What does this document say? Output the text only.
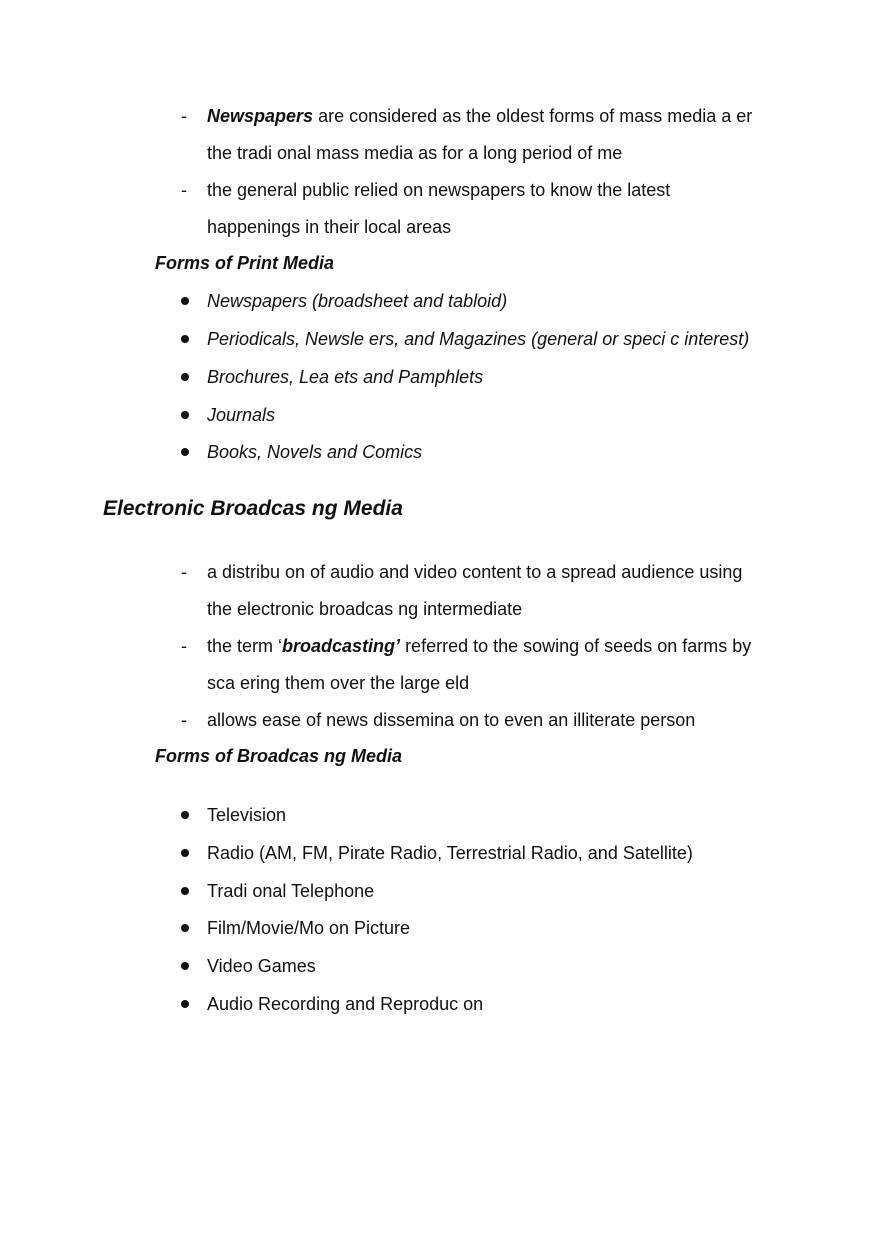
- Newspapers are considered as the oldest forms of mass media a er
the tradi onal mass media as for a long period of me
- the general public relied on newspapers to know the latest
happenings in their local areas
Forms of Print Media
Newspapers (broadsheet and tabloid)
Periodicals, Newsle ers, and Magazines (general or speci c interest)
Brochures, Lea ets and Pamphlets
Journals
Books, Novels and Comics
Electronic Broadcas ng Media
- a distribu on of audio and video content to a spread audience using
the electronic broadcas ng intermediate
- the term ‘broadcasting’ referred to the sowing of seeds on farms by
sca ering them over the large eld
- allows ease of news dissemina on to even an illiterate person
Forms of Broadcas ng Media
Television
Radio (AM, FM, Pirate Radio, Terrestrial Radio, and Satellite)
Tradi onal Telephone
Film/Movie/Mo on Picture
Video Games
Audio Recording and Reproduc on
